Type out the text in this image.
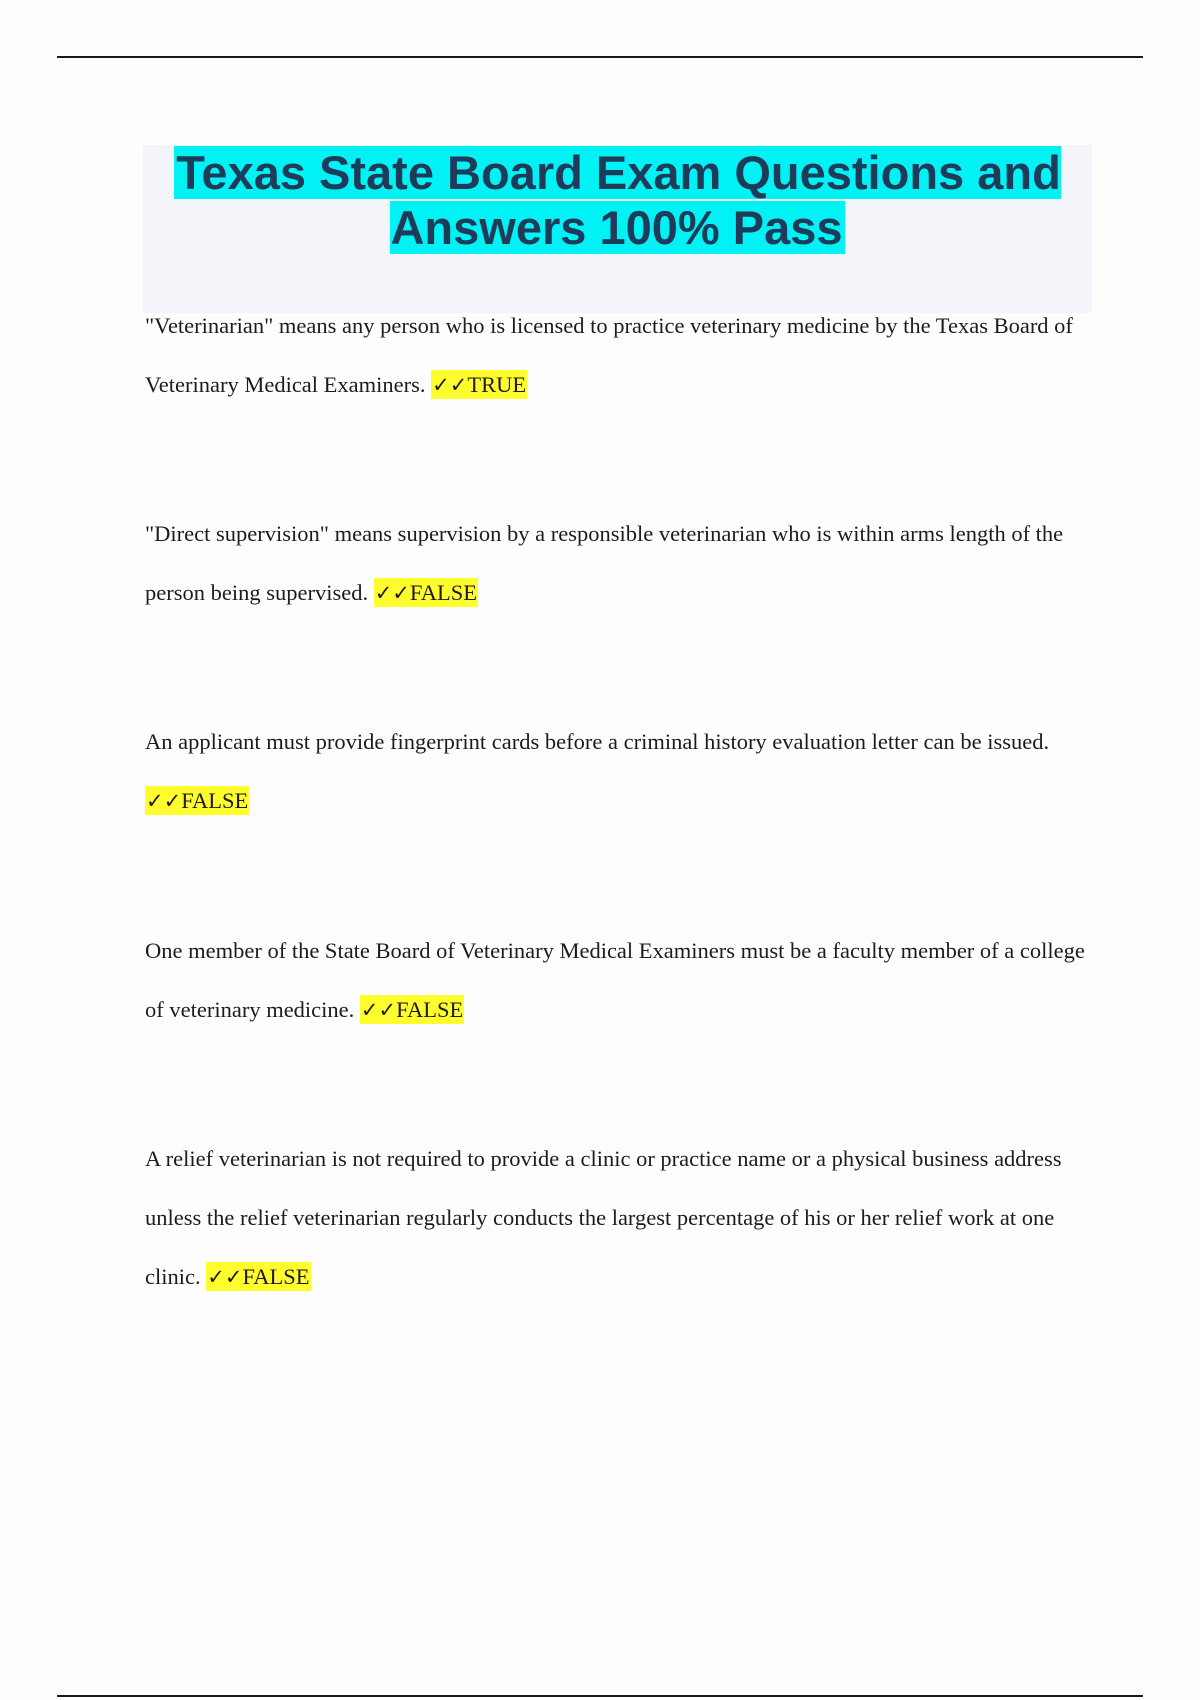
Texas State Board Exam Questions and Answers 100% Pass

"Veterinarian" means any person who is licensed to practice veterinary medicine by the Texas Board of Veterinary Medical Examiners. ✓✓TRUE

"Direct supervision" means supervision by a responsible veterinarian who is within arms length of the person being supervised. ✓✓FALSE

An applicant must provide fingerprint cards before a criminal history evaluation letter can be issued. ✓✓FALSE

One member of the State Board of Veterinary Medical Examiners must be a faculty member of a college of veterinary medicine. ✓✓FALSE

A relief veterinarian is not required to provide a clinic or practice name or a physical business address unless the relief veterinarian regularly conducts the largest percentage of his or her relief work at one clinic. ✓✓FALSE
